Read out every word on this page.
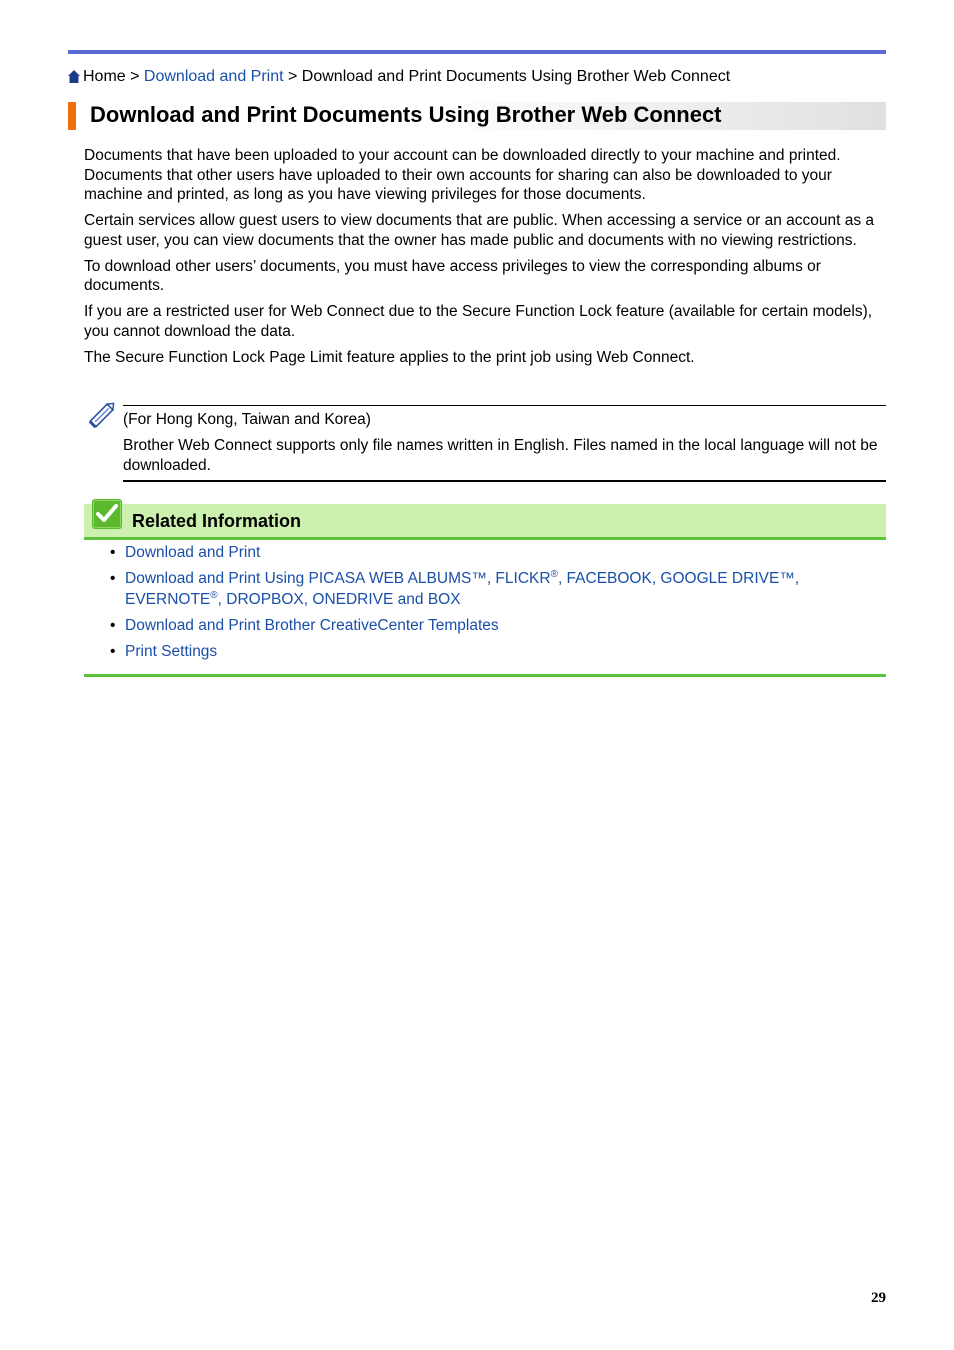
Home > Download and Print > Download and Print Documents Using Brother Web Connect
Download and Print Documents Using Brother Web Connect

Documents that have been uploaded to your account can be downloaded directly to your machine and printed. Documents that other users have uploaded to their own accounts for sharing can also be downloaded to your machine and printed, as long as you have viewing privileges for those documents.

Certain services allow guest users to view documents that are public. When accessing a service or an account as a guest user, you can view documents that the owner has made public and documents with no viewing restrictions.

To download other users’ documents, you must have access privileges to view the corresponding albums or documents.

If you are a restricted user for Web Connect due to the Secure Function Lock feature (available for certain models), you cannot download the data.

The Secure Function Lock Page Limit feature applies to the print job using Web Connect.

(For Hong Kong, Taiwan and Korea)

Brother Web Connect supports only file names written in English. Files named in the local language will not be downloaded.

Related Information
• Download and Print
• Download and Print Using PICASA WEB ALBUMS™, FLICKR®, FACEBOOK, GOOGLE DRIVE™, EVERNOTE®, DROPBOX, ONEDRIVE and BOX
• Download and Print Brother CreativeCenter Templates
• Print Settings
29
